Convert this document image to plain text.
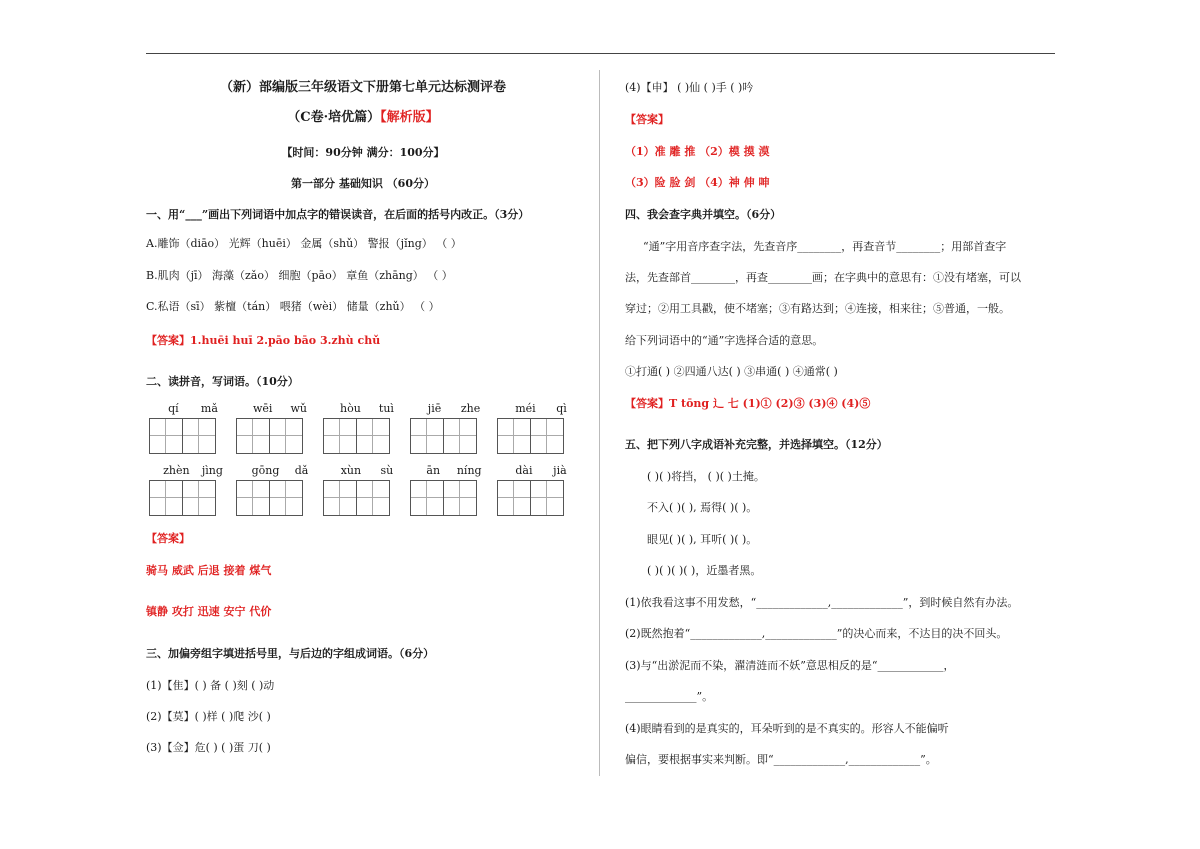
（新）部编版三年级语文下册第七单元达标测评卷
（C卷·培优篇）【解析版】
【时间：90分钟 满分：100分】
第一部分 基础知识 （60分）
一、用“___”画出下列词语中加点字的错误读音，在后面的括号内改正。（3分）
A.雕饰（diāo） 光辉（huēi） 金属（shǔ） 警报（jǐng） （ ）
B.肌肉（jī） 海藻（zǎo） 细胞（pāo） 章鱼（zhāng） （ ）
C.私语（sī） 紫檀（tán） 喂猪（wèi） 储量（zhǔ） （ ）
【答案】1.huēi huī 2.pāo bāo 3.zhù chǔ
二、读拼音，写词语。（10分）
qí mǎ	wēi wǔ	hòu tuì	jiē zhe	méi qì
zhèn jìng	gōng dǎ	xùn sù	ān níng	dài jià
【答案】
骑马 威武 后退 接着 煤气
镇静 攻打 迅速 安宁 代价
三、加偏旁组字填进括号里，与后边的字组成词语。（6分）
(1)【隹】( ) 备 ( )刻 ( )动
(2)【莫】( )样 ( )爬 沙( )
(3)【佥】危( ) ( )蛋 刀( )
(4)【申】 ( )仙 ( )手 ( )吟
【答案】
（1）准 雕 推 （2）模 摸 漠
（3）险 脸 剑 （4）神 伸 呻
四、我会查字典并填空。（6分）
“通”字用音序查字法，先查音序________，再查音节________；用部首查字
法，先查部首________，再查________画；在字典中的意思有：①没有堵塞，可以
穿过；②用工具戳，使不堵塞；③有路达到；④连接，相来往；⑤普通，一般。
给下列词语中的“通”字选择合适的意思。
①打通( ) ②四通八达( ) ③串通( ) ④通常( )
【答案】T tōng 辶 七 (1)① (2)③ (3)④ (4)⑤
五、把下列八字成语补充完整，并选择填空。（12分）
( )( )将挡， ( )( )土掩。
不入( )( ), 焉得( )( )。
眼见( )( ), 耳听( )( )。
( )( )( )( )，近墨者黑。
(1)依我看这事不用发愁，“_____________,_____________”，到时候自然有办法。
(2)既然抱着“_____________,_____________”的决心而来，不达目的决不回头。
(3)与“出淤泥而不染，濯清涟而不妖”意思相反的是“____________，
_____________”。
(4)眼睛看到的是真实的，耳朵听到的是不真实的。形容人不能偏听
偏信，要根据事实来判断。即“_____________,_____________”。
